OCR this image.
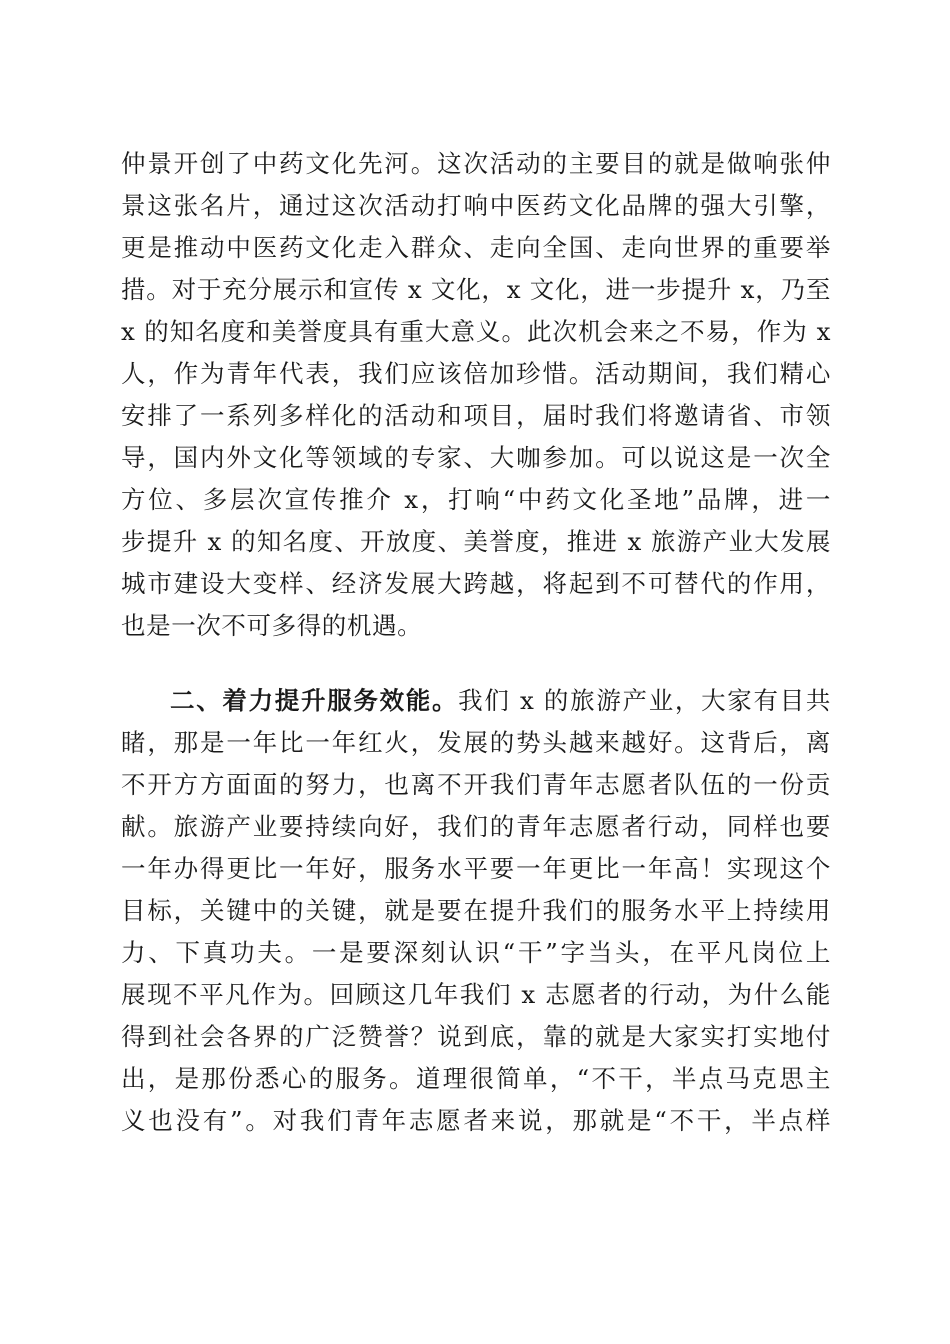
仲景开创了中药文化先河。这次活动的主要目的就是做响张仲
景这张名片，通过这次活动打响中医药文化品牌的强大引擎，
更是推动中医药文化走入群众、走向全国、走向世界的重要举
措。对于充分展示和宣传 x 文化，x 文化，进一步提升 x，乃至
x 的知名度和美誉度具有重大意义。此次机会来之不易，作为 x
人，作为青年代表，我们应该倍加珍惜。活动期间，我们精心
安排了一系列多样化的活动和项目，届时我们将邀请省、市领
导，国内外文化等领域的专家、大咖参加。可以说这是一次全
方位、多层次宣传推介 x，打响“中药文化圣地”品牌，进一
步提升 x 的知名度、开放度、美誉度，推进 x 旅游产业大发展
城市建设大变样、经济发展大跨越，将起到不可替代的作用，
也是一次不可多得的机遇。
二、着力提升服务效能。我们 x 的旅游产业，大家有目共
睹，那是一年比一年红火，发展的势头越来越好。这背后，离
不开方方面面的努力，也离不开我们青年志愿者队伍的一份贡
献。旅游产业要持续向好，我们的青年志愿者行动，同样也要
一年办得更比一年好，服务水平要一年更比一年高！实现这个
目标，关键中的关键，就是要在提升我们的服务水平上持续用
力、下真功夫。一是要深刻认识“干”字当头，在平凡岗位上
展现不平凡作为。回顾这几年我们 x 志愿者的行动，为什么能
得到社会各界的广泛赞誉？说到底，靠的就是大家实打实地付
出，是那份悉心的服务。道理很简单，“不干，半点马克思主
义也没有”。对我们青年志愿者来说，那就是“不干，半点样
